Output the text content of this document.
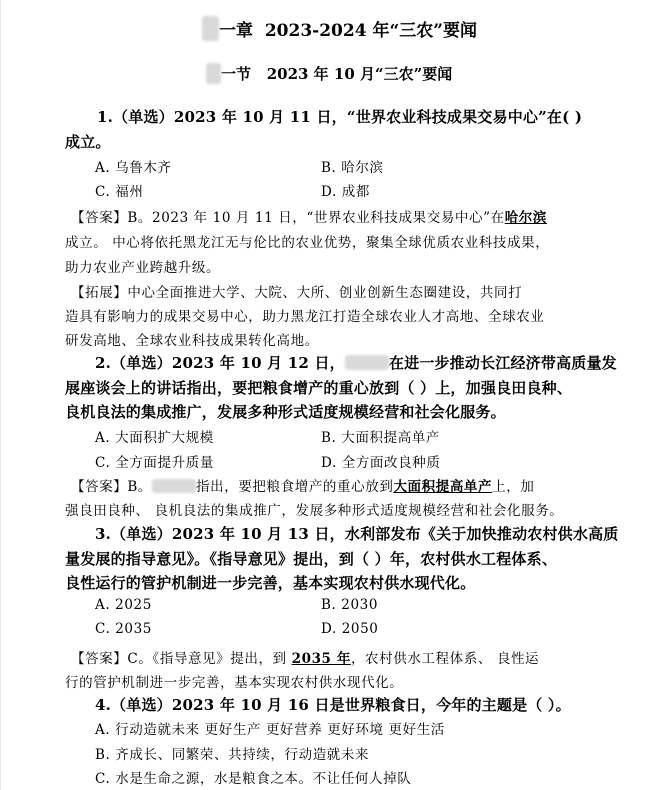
一章 2023-2024 年“三农”要闻
一节 2023 年 10 月“三农”要闻
1.（单选）2023 年 10 月 11 日，“世界农业科技成果交易中心”在( )
成立。
A. 乌鲁木齐	B. 哈尔滨
C. 福州	D. 成都
【答案】B。2023 年 10 月 11 日，“世界农业科技成果交易中心”在哈尔滨
成立。 中心将依托黑龙江无与伦比的农业优势，聚集全球优质农业科技成果，
助力农业产业跨越升级。
【拓展】中心全面推进大学、大院、大所、创业创新生态圈建设，共同打
造具有影响力的成果交易中心，助力黑龙江打造全球农业人才高地、全球农业
研发高地、全球农业科技成果转化高地。
2.（单选）2023 年 10 月 12 日，	在进一步推动长江经济带高质量发
展座谈会上的讲话指出，要把粮食增产的重心放到（ ）上，加强良田良种、
良机良法的集成推广，发展多种形式适度规模经营和社会化服务。
A. 大面积扩大规模	B. 大面积提高单产
C. 全方面提升质量	D. 全方面改良种质
【答案】B。	指出，要把粮食增产的重心放到大面积提高单产上，加
强良田良种、 良机良法的集成推广，发展多种形式适度规模经营和社会化服务。
3.（单选）2023 年 10 月 13 日，水利部发布《关于加快推动农村供水高质
量发展的指导意见》。《指导意见》提出，到（ ）年，农村供水工程体系、
良性运行的管护机制进一步完善，基本实现农村供水现代化。
A. 2025	B. 2030
C. 2035	D. 2050
【答案】C。《指导意见》提出，到 2035 年，农村供水工程体系、 良性运
行的管护机制进一步完善，基本实现农村供水现代化。
4.（单选）2023 年 10 月 16 日是世界粮食日，今年的主题是（ ）。
A. 行动造就未来 更好生产 更好营养 更好环境 更好生活
B. 齐成长、同繁荣、共持续，行动造就未来
C. 水是生命之源，水是粮食之本。不让任何人掉队
